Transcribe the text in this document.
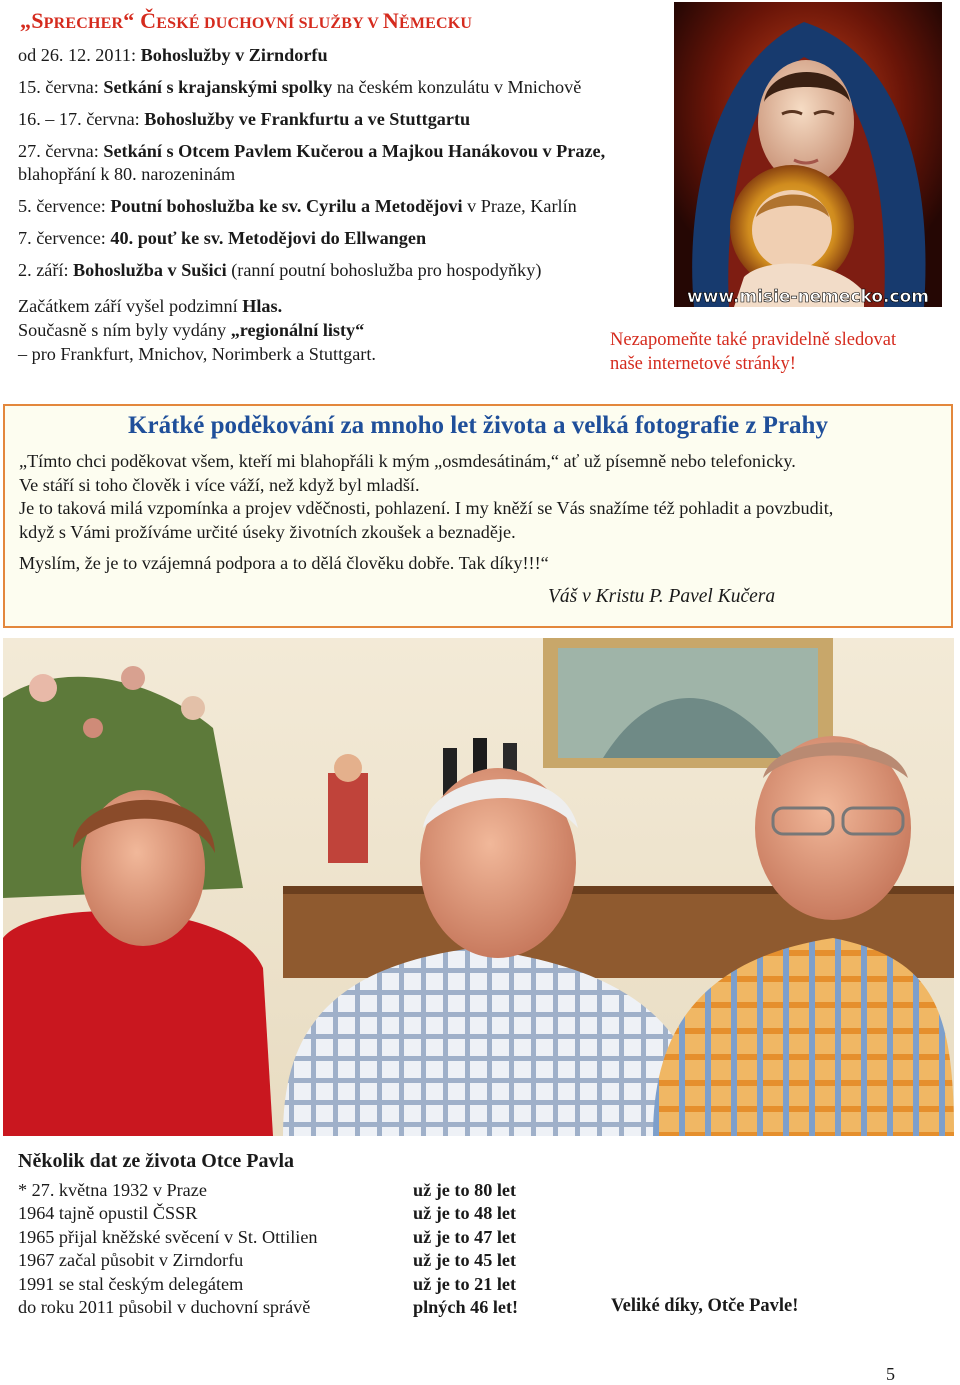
„SPRECHER“ ČESKÉ DUCHOVNÍ SLUŽBY V NĚMECKU
od 26. 12. 2011: Bohoslužby v Zirndorfu
15. června: Setkání s krajanskými spolky na českém konzulátu v Mnichově
16. – 17. června: Bohoslužby ve Frankfurtu a ve Stuttgartu
27. června: Setkání s Otcem Pavlem Kučerou a Majkou Hanákovou v Praze, blahopřání k 80. narozeninám
5. července: Poutní bohoslužba ke sv. Cyrilu a Metodějovi v Praze, Karlín
7. července: 40. pouť ke sv. Metodějovi do Ellwangen
2. září: Bohoslužba v Sušici (ranní poutní bohoslužba pro hospodyňky)
Začátkem září vyšel podzimní Hlas.
Současně s ním byly vydány „regionální listy“
– pro Frankfurt, Mnichov, Norimberk a Stuttgart.
www.misie-nemecko.com
Nezapomeňte také pravidelně sledovat
naše internetové stránky!
Krátké poděkování za mnoho let života a velká fotografie z Prahy

„Tímto chci poděkovat všem, kteří mi blahopřáli k mým „osmdesátinám,“ ať už písemně nebo telefonicky.

Ve stáří si toho člověk i více váží, než když byl mladší.

Je to taková milá vzpomínka a projev vděčnosti, pohlazení. I my kněží se Vás snažíme též pohladit a povzbudit,

když s Vámi prožíváme určité úseky životních zkoušek a beznaděje.

Myslím, že je to vzájemná podpora a to dělá člověku dobře. Tak díky!!!“

Váš v Kristu P. Pavel Kučera
Několik dat ze života Otce Pavla
* 27. května 1932 v Praze	už je to 80 let
1964 tajně opustil ČSSR	už je to 48 let
1965 přijal kněžské svěcení v St. Ottilien	už je to 47 let
1967 začal působit v Zirndorfu	už je to 45 let
1991 se stal českým delegátem	už je to 21 let
do roku 2011 působil v duchovní správě	plných 46 let!	Veliké díky, Otče Pavle!
5
